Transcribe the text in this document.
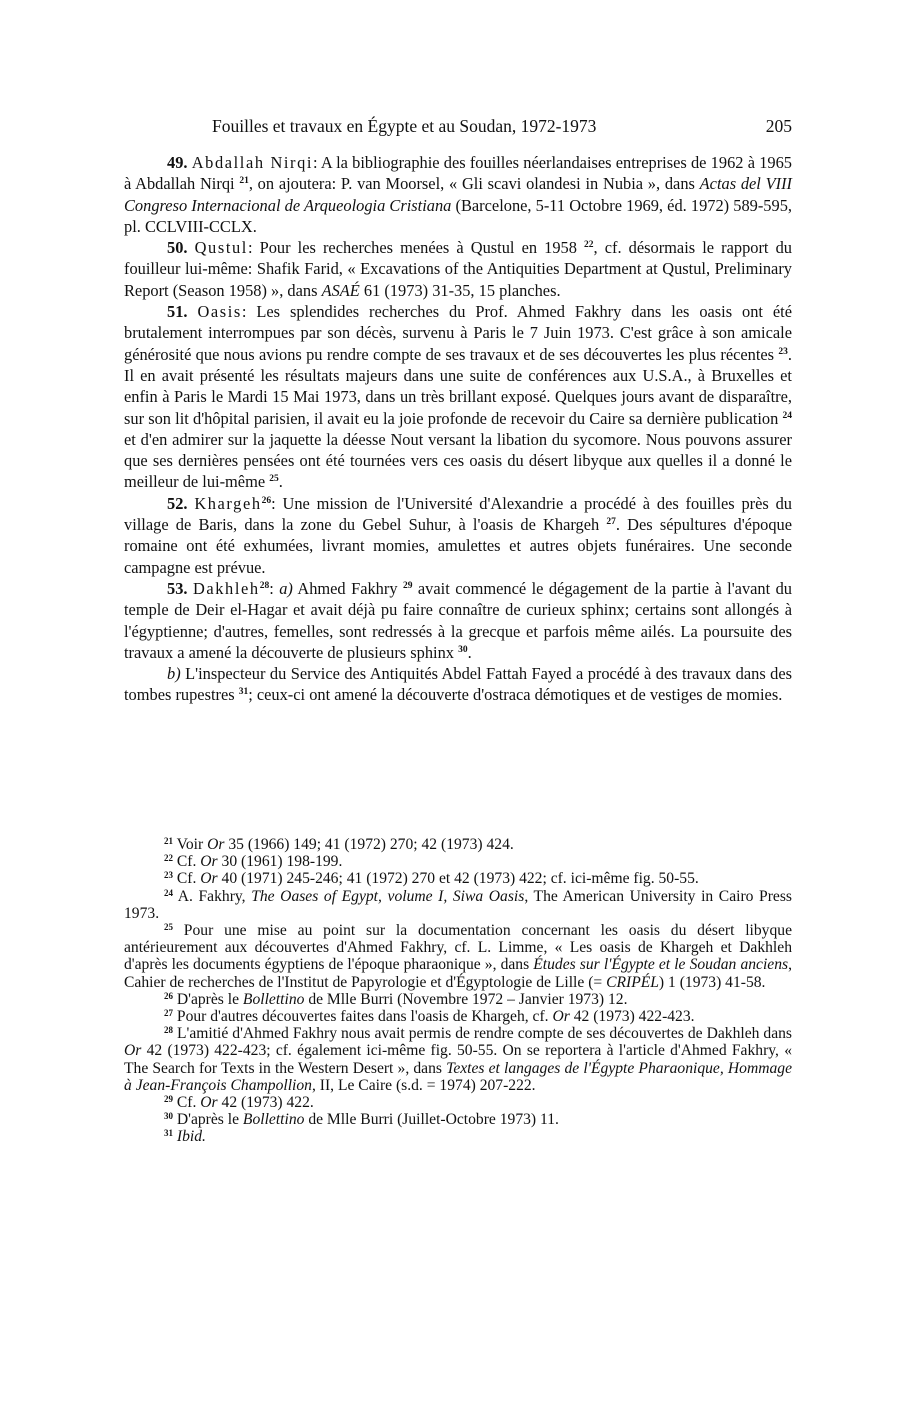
Fouilles et travaux en Égypte et au Soudan, 1972-1973	205

49. Abdallah Nirqi: A la bibliographie des fouilles néerlandaises entreprises de 1962 à 1965 à Abdallah Nirqi $^{21}$, on ajoutera: P. van Moorsel, « Gli scavi olandesi in Nubia », dans Actas del VIII Congreso Internacional de Arqueologia Cristiana (Barcelone, 5-11 Octobre 1969, éd. 1972) 589-595, pl. CCLVIII-CCLX.

50. Qustul: Pour les recherches menées à Qustul en 1958 $^{22}$, cf. désormais le rapport du fouilleur lui-même: Shafik Farid, « Excavations of the Antiquities Department at Qustul, Preliminary Report (Season 1958) », dans ASAÉ 61 (1973) 31-35, 15 planches.

51. Oasis: Les splendides recherches du Prof. Ahmed Fakhry dans les oasis ont été brutalement interrompues par son décès, survenu à Paris le 7 Juin 1973. C'est grâce à son amicale générosité que nous avions pu rendre compte de ses travaux et de ses découvertes les plus récentes $^{23}$. Il en avait présenté les résultats majeurs dans une suite de conférences aux U.S.A., à Bruxelles et enfin à Paris le Mardi 15 Mai 1973, dans un très brillant exposé. Quelques jours avant de disparaître, sur son lit d'hôpital parisien, il avait eu la joie profonde de recevoir du Caire sa dernière publication $^{24}$ et d'en admirer sur la jaquette la déesse Nout versant la libation du sycomore. Nous pouvons assurer que ses dernières pensées ont été tournées vers ces oasis du désert libyque aux quelles il a donné le meilleur de lui-même $^{25}$.

52. Khargeh$^{26}$: Une mission de l'Université d'Alexandrie a procédé à des fouilles près du village de Baris, dans la zone du Gebel Suhur, à l'oasis de Khargeh $^{27}$. Des sépultures d'époque romaine ont été exhumées, livrant momies, amulettes et autres objets funéraires. Une seconde campagne est prévue.

53. Dakhleh$^{28}$: a) Ahmed Fakhry $^{29}$ avait commencé le dégagement de la partie à l'avant du temple de Deir el-Hagar et avait déjà pu faire connaître de curieux sphinx; certains sont allongés à l'égyptienne; d'autres, femelles, sont redressés à la grecque et parfois même ailés. La poursuite des travaux a amené la découverte de plusieurs sphinx $^{30}$.

b) L'inspecteur du Service des Antiquités Abdel Fattah Fayed a procédé à des travaux dans des tombes rupestres $^{31}$; ceux-ci ont amené la découverte d'ostraca démotiques et de vestiges de momies.

$^{21}$ Voir Or 35 (1966) 149; 41 (1972) 270; 42 (1973) 424.

$^{22}$ Cf. Or 30 (1961) 198-199.

$^{23}$ Cf. Or 40 (1971) 245-246; 41 (1972) 270 et 42 (1973) 422; cf. ici-même fig. 50-55.

$^{24}$ A. Fakhry, The Oases of Egypt, volume I, Siwa Oasis, The American University in Cairo Press 1973.

$^{25}$ Pour une mise au point sur la documentation concernant les oasis du désert libyque antérieurement aux découvertes d'Ahmed Fakhry, cf. L. Limme, « Les oasis de Khargeh et Dakhleh d'après les documents égyptiens de l'époque pharaonique », dans Études sur l'Égypte et le Soudan anciens, Cahier de recherches de l'Institut de Papyrologie et d'Égyptologie de Lille (= CRIPÉL) 1 (1973) 41-58.

$^{26}$ D'après le Bollettino de Mlle Burri (Novembre 1972 – Janvier 1973) 12.

$^{27}$ Pour d'autres découvertes faites dans l'oasis de Khargeh, cf. Or 42 (1973) 422-423.

$^{28}$ L'amitié d'Ahmed Fakhry nous avait permis de rendre compte de ses découvertes de Dakhleh dans Or 42 (1973) 422-423; cf. également ici-même fig. 50-55. On se reportera à l'article d'Ahmed Fakhry, « The Search for Texts in the Western Desert », dans Textes et langages de l'Égypte Pharaonique, Hommage à Jean-François Champollion, II, Le Caire (s.d. = 1974) 207-222.

$^{29}$ Cf. Or 42 (1973) 422.

$^{30}$ D'après le Bollettino de Mlle Burri (Juillet-Octobre 1973) 11.

$^{31}$ Ibid.
